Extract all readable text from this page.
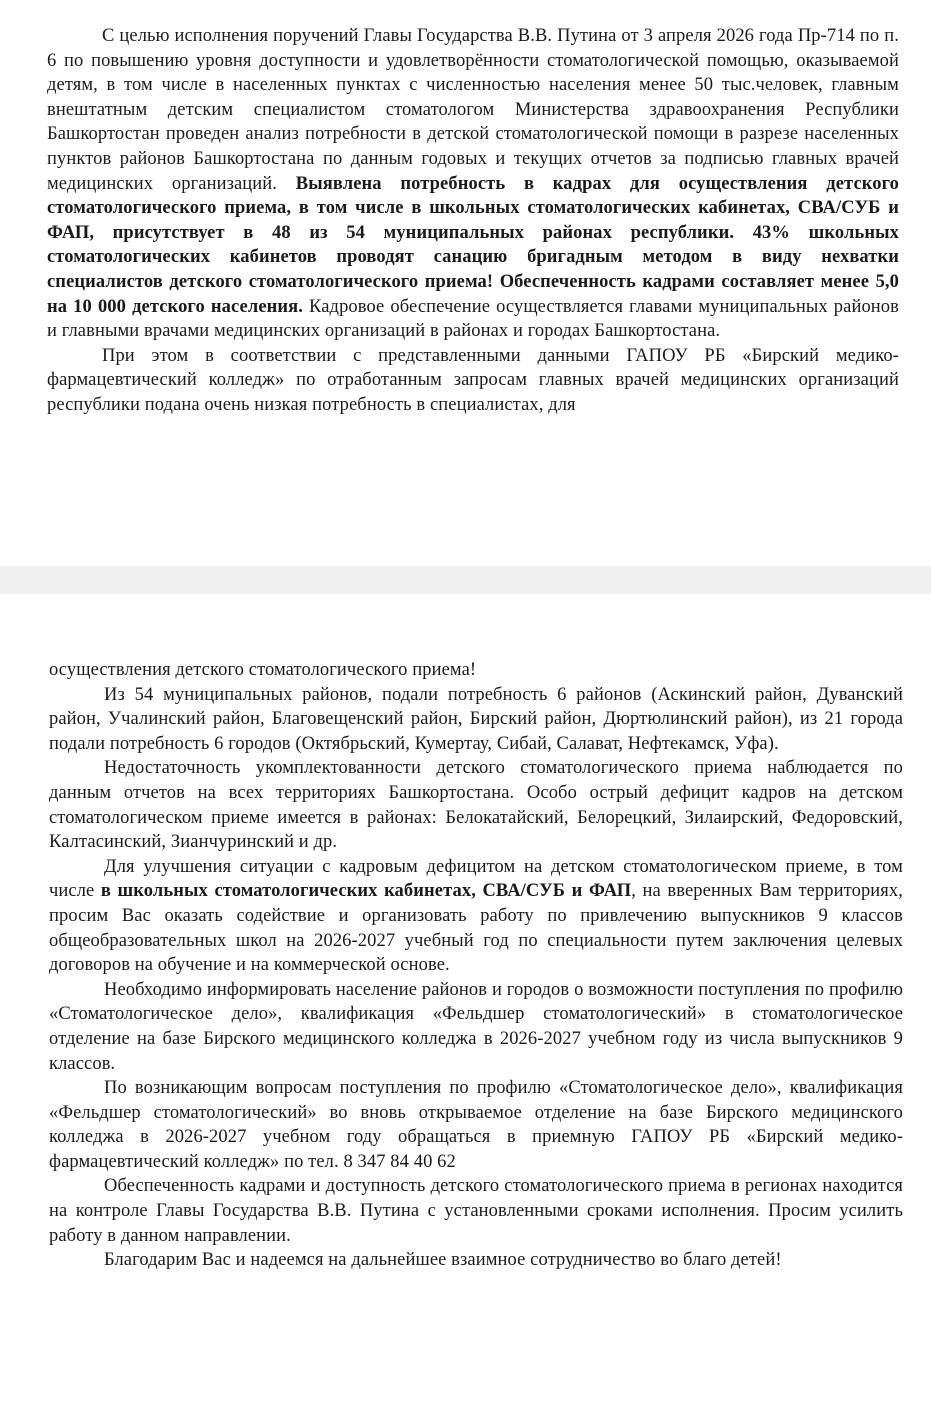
С целью исполнения поручений Главы Государства В.В. Путина от 3 апреля 2026 года Пр-714 по п. 6 по повышению уровня доступности и удовлетворённости стоматологической помощью, оказываемой детям, в том числе в населенных пунктах с численностью населения менее 50 тыс.человек, главным внештатным детским специалистом стоматологом Министерства здравоохранения Республики Башкортостан проведен анализ потребности в детской стоматологической помощи в разрезе населенных пунктов районов Башкортостана по данным годовых и текущих отчетов за подписью главных врачей медицинских организаций. Выявлена потребность в кадрах для осуществления детского стоматологического приема, в том числе в школьных стоматологических кабинетах, СВА/СУБ и ФАП, присутствует в 48 из 54 муниципальных районах республики. 43% школьных стоматологических кабинетов проводят санацию бригадным методом в виду нехватки специалистов детского стоматологического приема! Обеспеченность кадрами составляет менее 5,0 на 10 000 детского населения. Кадровое обеспечение осуществляется главами муниципальных районов и главными врачами медицинских организаций в районах и городах Башкортостана.

При этом в соответствии с представленными данными ГАПОУ РБ «Бирский медико-фармацевтический колледж» по отработанным запросам главных врачей медицинских организаций республики подана очень низкая потребность в специалистах, для

осуществления детского стоматологического приема!

Из 54 муниципальных районов, подали потребность 6 районов (Аскинский район, Дуванский район, Учалинский район, Благовещенский район, Бирский район, Дюртюлинский район), из 21 города подали потребность 6 городов (Октябрьский, Кумертау, Сибай, Салават, Нефтекамск, Уфа).

Недостаточность укомплектованности детского стоматологического приема наблюдается по данным отчетов на всех территориях Башкортостана. Особо острый дефицит кадров на детском стоматологическом приеме имеется в районах: Белокатайский, Белорецкий, Зилаирский, Федоровский, Калтасинский, Зианчуринский и др.

Для улучшения ситуации с кадровым дефицитом на детском стоматологическом приеме, в том числе в школьных стоматологических кабинетах, СВА/СУБ и ФАП, на вверенных Вам территориях, просим Вас оказать содействие и организовать работу по привлечению выпускников 9 классов общеобразовательных школ на 2026-2027 учебный год по специальности путем заключения целевых договоров на обучение и на коммерческой основе.

Необходимо информировать население районов и городов о возможности поступления по профилю «Стоматологическое дело», квалификация «Фельдшер стоматологический» в стоматологическое отделение на базе Бирского медицинского колледжа в 2026-2027 учебном году из числа выпускников 9 классов.

По возникающим вопросам поступления по профилю «Стоматологическое дело», квалификация «Фельдшер стоматологический» во вновь открываемое отделение на базе Бирского медицинского колледжа в 2026-2027 учебном году обращаться в приемную ГАПОУ РБ «Бирский медико-фармацевтический колледж» по тел. 8 347 84 40 62

Обеспеченность кадрами и доступность детского стоматологического приема в регионах находится на контроле Главы Государства В.В. Путина с установленными сроками исполнения. Просим усилить работу в данном направлении.

Благодарим Вас и надеемся на дальнейшее взаимное сотрудничество во благо детей!
